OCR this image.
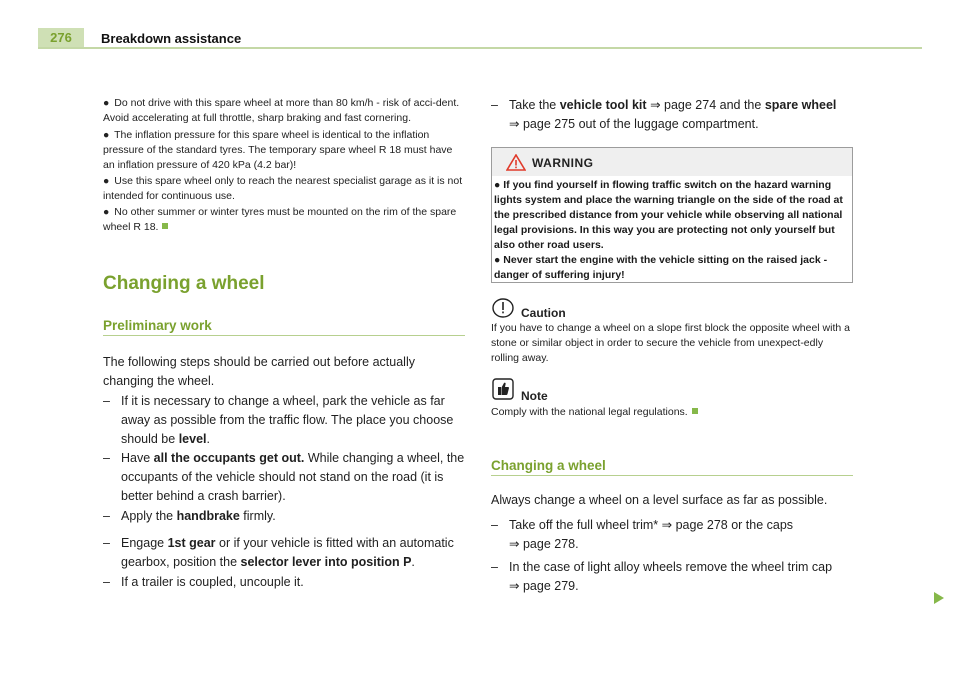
276	Breakdown assistance
● Do not drive with this spare wheel at more than 80 km/h - risk of acci-dent. Avoid accelerating at full throttle, sharp braking and fast cornering.
● The inflation pressure for this spare wheel is identical to the inflation pressure of the standard tyres. The temporary spare wheel R 18 must have an inflation pressure of 420 kPa (4.2 bar)!
● Use this spare wheel only to reach the nearest specialist garage as it is not intended for continuous use.
● No other summer or winter tyres must be mounted on the rim of the spare wheel R 18.
Changing a wheel
Preliminary work
The following steps should be carried out before actually changing the wheel.
– If it is necessary to change a wheel, park the vehicle as far away as possible from the traffic flow. The place you choose should be level.
– Have all the occupants get out. While changing a wheel, the occupants of the vehicle should not stand on the road (it is better behind a crash barrier).
– Apply the handbrake firmly.
– Engage 1st gear or if your vehicle is fitted with an automatic gearbox, position the selector lever into position P.
– If a trailer is coupled, uncouple it.
– Take the vehicle tool kit ⇒ page 274 and the spare wheel
⇒ page 275 out of the luggage compartment.
WARNING
● If you find yourself in flowing traffic switch on the hazard warning lights system and place the warning triangle on the side of the road at the prescribed distance from your vehicle while observing all national legal provisions. In this way you are protecting not only yourself but also other road users.
● Never start the engine with the vehicle sitting on the raised jack - danger of suffering injury!
Caution
If you have to change a wheel on a slope first block the opposite wheel with a stone or similar object in order to secure the vehicle from unexpect-edly rolling away.
Note
Comply with the national legal regulations.
Changing a wheel
Always change a wheel on a level surface as far as possible.
– Take off the full wheel trim* ⇒ page 278 or the caps
⇒ page 278.
– In the case of light alloy wheels remove the wheel trim cap
⇒ page 279.
